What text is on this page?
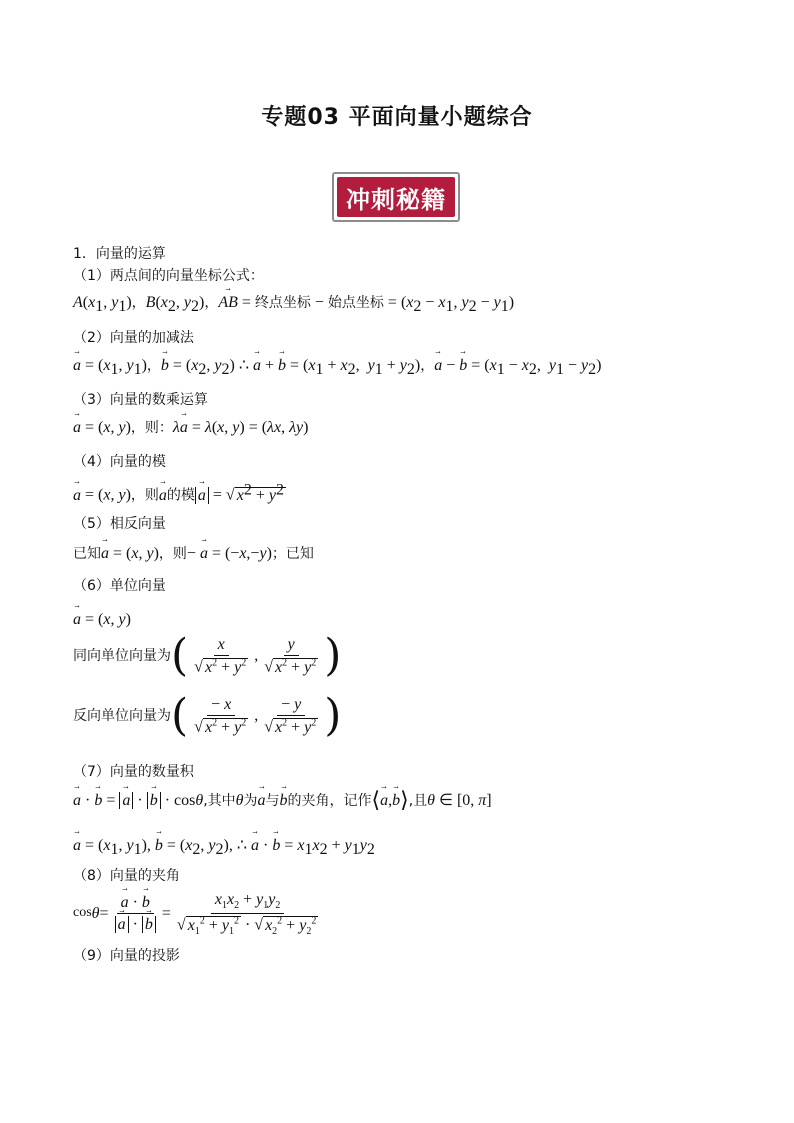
专题03 平面向量小题综合
冲刺秘籍
1．向量的运算
（1）两点间的向量坐标公式：
$A(x_1$, $y_1$)，$B(x_2$, $y_2$)，→ AB = 终点坐标 − 始点坐标 = ($x_2 - x_1$, $y_2 - y_1$)
（2）向量的加减法
→ $a = (x_1$, $y_1$)，→ $b = (x_2$, $y_2$) ∴ → a + → $b = (x_1 + x_2$,  $y_1 + y_2$)，→ a − → $b = (x_1 - x_2$,  $y_1 - y_2$)
（3）向量的数乘运算
→ a = (x, y)，则：λ→ a = λ(x, y) = (λx, λy)
（4）向量的模
→ a = (x, y)，则→ a的模 → a = √ $x^2 + y^2$
（5）相反向量
已知→ a = (x, y)，则− → a = (−x,−y)；已知
（6）单位向量
→ a = (x, y)
同向单位向量为 ( $\frac{x}{√ x^2 + y^2}$ , $\frac{y}{√ x^2 + y^2}$ )
反向单位向量为 ( $\frac{- x}{√ x^2 + y^2}$ , $\frac{- y}{√ x^2 + y^2}$ )
（7）向量的数量积
→ a · → b = → a · → b · cosθ,其中θ为→ a与→ b的夹角，记作⟨→ a,→ b⟩,且θ ∈ [0, π]
→ $a = (x_1$, $y_1$), → $b = (x_2$, $y_2$), ∴ → a · → $b = x_1x_2 + y_1y_2$
（8）向量的夹角
cos θ = → a · → b
→ a · → $b = \frac{x_1x_2 + y_1y_2}{√ x_1^2 + y_1^2 \cdot √ x_2^2 + y_2^2}$
（9）向量的投影
